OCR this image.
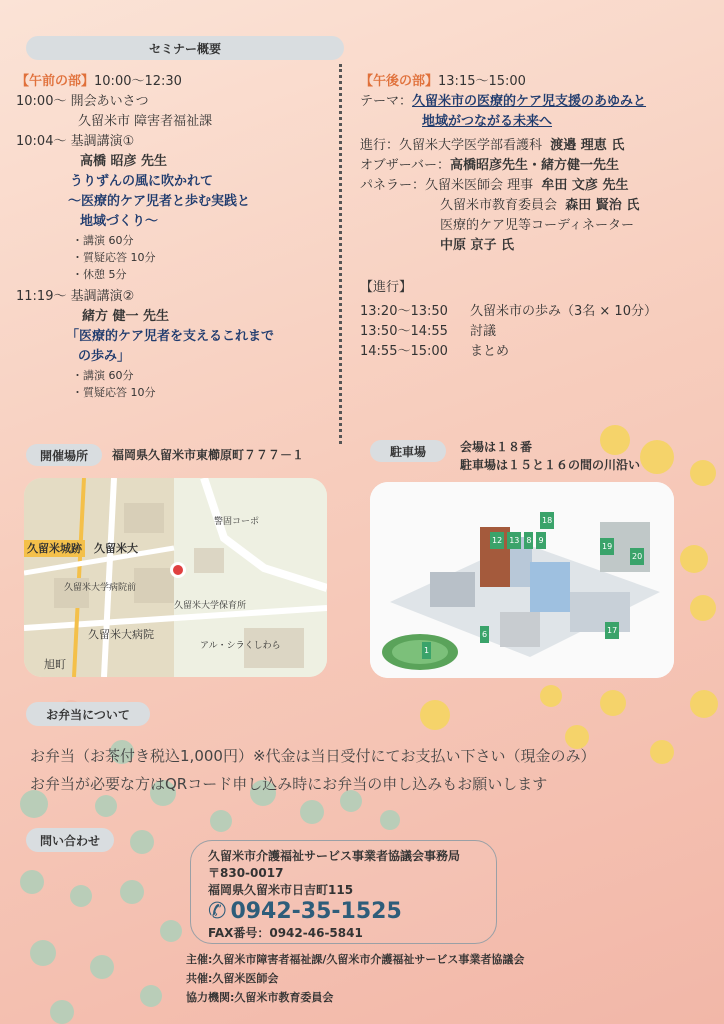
セミナー概要
【午前の部】10:00～12:30
10:00～ 開会あいさつ
久留米市 障害者福祉課
10:04～ 基調講演①
高橋 昭彦 先生
うりずんの風に吹かれて
～医療的ケア児者と歩む実践と
地域づくり～
・講演 60分
・質疑応答 10分
・休憩 5分
11:19～ 基調講演②
緒方 健一 先生
「医療的ケア児者を支えるこれまで
の歩み」
・講演 60分
・質疑応答 10分
【午後の部】13:15～15:00
テーマ：久留米市の医療的ケア児支援のあゆみと
地域がつながる未来へ
進行：久留米大学医学部看護科 渡邉 理恵 氏
オブザーバー：高橋昭彦先生・緒方健一先生
パネラー：久留米医師会 理事 牟田 文彦 先生
久留米市教育委員会 森田 賢治 氏
医療的ケア児等コーディネーター
中原 京子 氏
【進行】
13:20～13:50 久留米市の歩み（3名 × 10分）
13:50～14:55 討議
14:55～15:00 まとめ
開催場所	福岡県久留米市東櫛原町７７７－１
久留米城跡 久留米大
久留米大学病院前
久留米大病院
旭町
警固コーポ
久留米大学保育所
アル・シラくしわら
駐車場	会場は１８番
駐車場は１５と１６の間の川沿い
12 13 8 9
19
20
17
1
6
18
お弁当について
お弁当（お茶付き税込1,000円）※代金は当日受付にてお支払い下さい（現金のみ）
お弁当が必要な方はQRコード申し込み時にお弁当の申し込みもお願いします
問い合わせ
久留米市介護福祉サービス事業者協議会事務局
〒830-0017
福岡県久留米市日吉町115
✆ 0942-35-1525
FAX番号：0942-46-5841
主催:久留米市障害者福祉課/久留米市介護福祉サービス事業者協議会
共催:久留米医師会
協力機関:久留米市教育委員会
